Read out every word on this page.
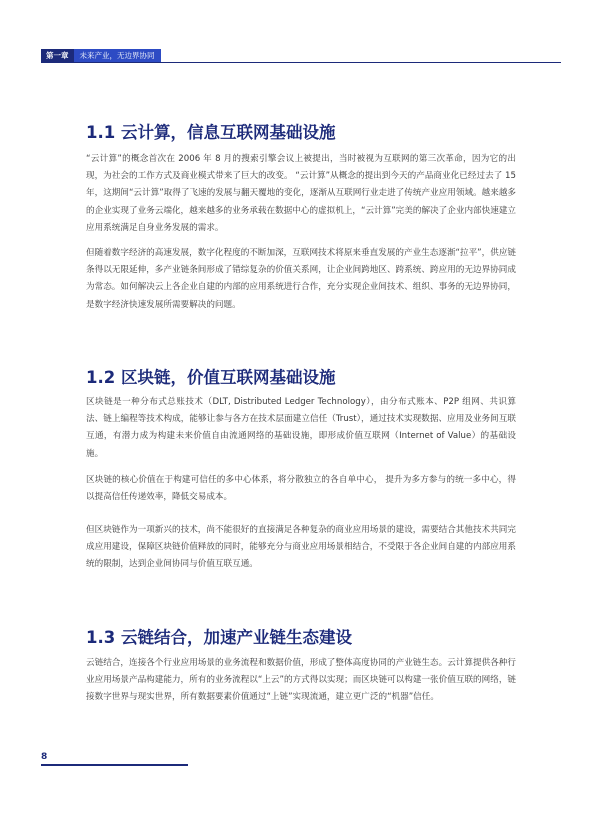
第一章	未来产业，无边界协同
1.1 云计算，信息互联网基础设施

“云计算”的概念首次在 2006 年 8 月的搜索引擎会议上被提出，当时被视为互联网的第三次革命，因为它的出现，为社会的工作方式及商业模式带来了巨大的改变。 “云计算”从概念的提出到今天的产品商业化已经过去了 15 年，这期间“云计算”取得了飞速的发展与翻天覆地的变化，逐渐从互联网行业走进了传统产业应用领域。越来越多的企业实现了业务云端化，越来越多的业务承载在数据中心的虚拟机上，“云计算”完美的解决了企业内部快速建立应用系统满足自身业务发展的需求。

但随着数字经济的高速发展，数字化程度的不断加深，互联网技术将原来垂直发展的产业生态逐渐“拉平”，供应链条得以无限延伸，多产业链条间形成了错综复杂的价值关系网，让企业间跨地区、跨系统、跨应用的无边界协同成为常态。如何解决云上各企业自建的内部的应用系统进行合作，充分实现企业间技术、组织、事务的无边界协同，是数字经济快速发展所需要解决的问题。

1.2 区块链，价值互联网基础设施

区块链是一种分布式总账技术（DLT, Distributed Ledger Technology），由分布式账本、P2P 组网、共识算法、链上编程等技术构成，能够让参与各方在技术层面建立信任（Trust），通过技术实现数据、应用及业务间互联互通，有潜力成为构建未来价值自由流通网络的基础设施，即形成价值互联网（Internet of Value）的基础设施。

区块链的核心价值在于构建可信任的多中心体系，将分散独立的各自单中心， 提升为多方参与的统一多中心，得以提高信任传递效率，降低交易成本。

但区块链作为一项新兴的技术，尚不能很好的直接满足各种复杂的商业应用场景的建设，需要结合其他技术共同完成应用建设，保障区块链价值释放的同时，能够充分与商业应用场景相结合，不受限于各企业间自建的内部应用系统的限制，达到企业间协同与价值互联互通。

1.3 云链结合，加速产业链生态建设

云链结合，连接各个行业应用场景的业务流程和数据价值，形成了整体高度协同的产业链生态。云计算提供各种行业应用场景产品构建能力，所有的业务流程以“上云”的方式得以实现；而区块链可以构建一张价值互联的网络，链接数字世界与现实世界，所有数据要素价值通过“上链”实现流通，建立更广泛的“机器”信任。

8
